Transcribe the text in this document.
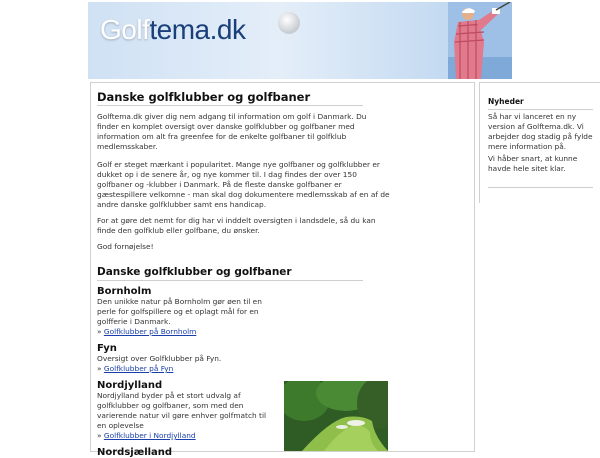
Golftema.dk
Danske golfklubber og golfbaner
Golftema.dk giver dig nem adgang til information om golf i Danmark. Du finder en komplet oversigt over danske golfklubber og golfbaner med information om alt fra greenfee for de enkelte golfbaner til golfklub medlemsskaber.
Golf er steget mærkant i popularitet. Mange nye golfbaner og golfklubber er dukket op i de senere år, og nye kommer til. I dag findes der over 150 golfbaner og -klubber i Danmark. På de fleste danske golfbaner er gæstespillere velkomne - man skal dog dokumentere medlemsskab af en af de andre danske golfklubber samt ens handicap.
For at gøre det nemt for dig har vi inddelt oversigten i landsdele, så du kan finde den golfklub eller golfbane, du ønsker.
God fornøjelse!
Danske golfklubber og golfbaner
Bornholm
Den unikke natur på Bornholm gør øen til en perle for golfspillere og et oplagt mål for en golfferie i Danmark.
» Golfklubber på Bornholm
Fyn
Oversigt over Golfklubber på Fyn.
» Golfklubber på Fyn
Nordjylland
Nordjylland byder på et stort udvalg af golfklubber og golfbaner, som med den varierende natur vil gøre enhver golfmatch til en oplevelse
» Golfklubber i Nordjylland
Nordsjælland
Nyheder
Så har vi lanceret en ny version af Golftema.dk. Vi arbejder dog stadig på fylde mere information på.
Vi håber snart, at kunne havde hele sitet klar.
